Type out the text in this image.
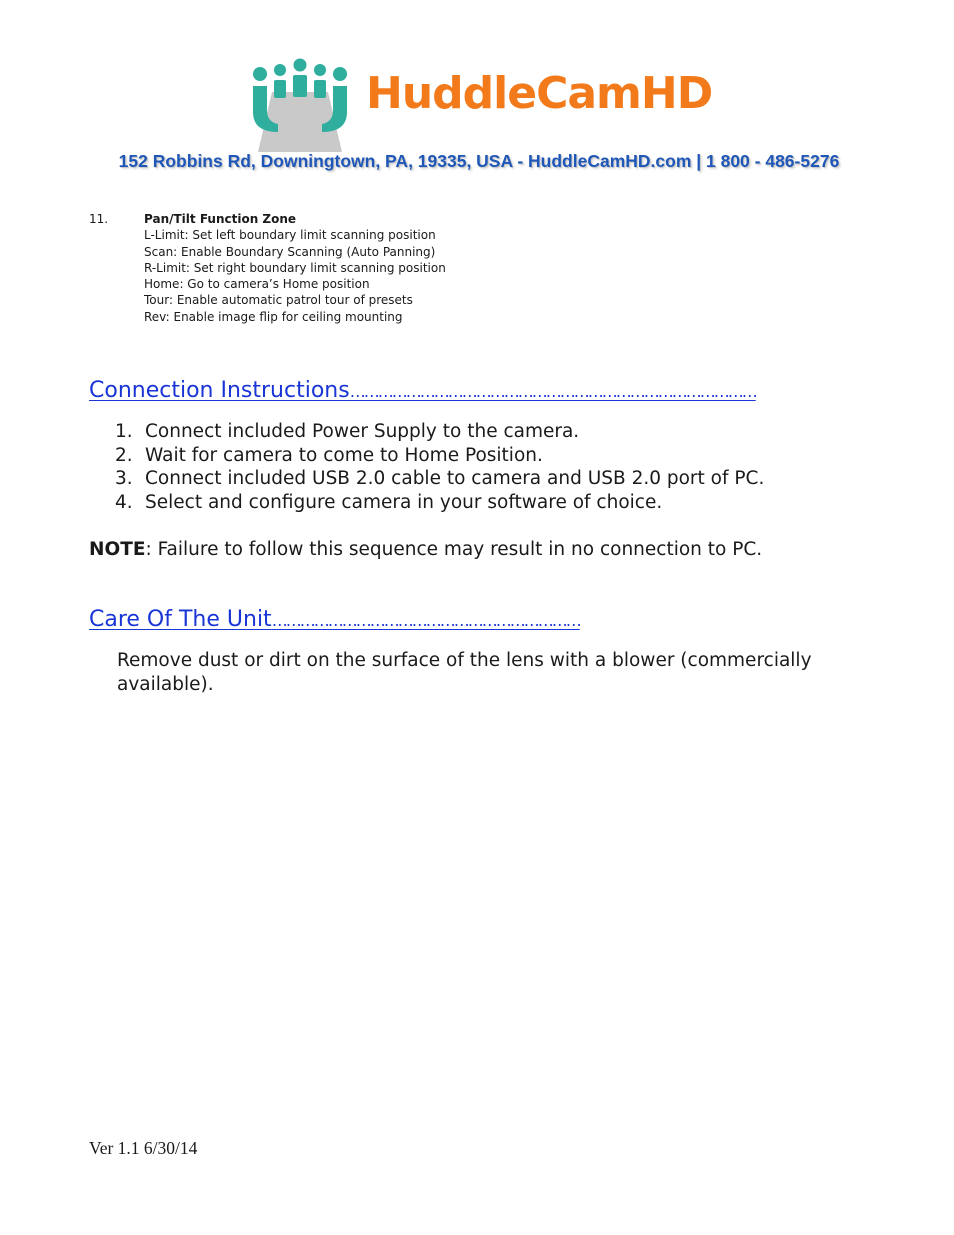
HuddleCamHD
152 Robbins Rd, Downingtown, PA, 19335, USA - HuddleCamHD.com | 1 800 - 486-5276
11.	Pan/Tilt Function Zone
L-Limit: Set left boundary limit scanning position
Scan: Enable Boundary Scanning (Auto Panning)
R-Limit: Set right boundary limit scanning position
Home: Go to camera’s Home position
Tour: Enable automatic patrol tour of presets
Rev: Enable image flip for ceiling mounting
Connection Instructions……………………………………………………………………………
1. Connect included Power Supply to the camera.
2. Wait for camera to come to Home Position.
3. Connect included USB 2.0 cable to camera and USB 2.0 port of PC.
4. Select and configure camera in your software of choice.
NOTE: Failure to follow this sequence may result in no connection to PC.
Care Of The Unit…………………………………………………………
Remove dust or dirt on the surface of the lens with a blower (commercially available).
Ver 1.1 6/30/14
